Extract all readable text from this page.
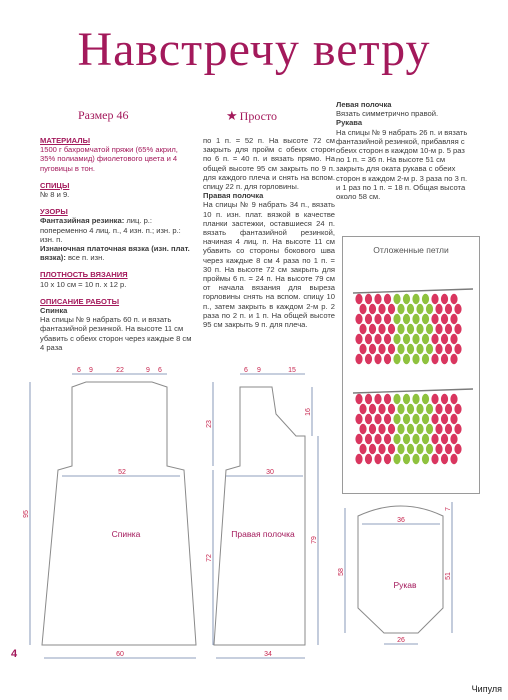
Навстречу ветру
Размер 46	★ Просто
МАТЕРИАЛЫ

1500 г бахромчатой пряжи (65% акрил, 35% полиамид) фиолетового цвета и 4 пуговицы в тон.

СПИЦЫ

№ 8 и 9.

УЗОРЫ

Фантазийная резинка: лиц. р.: попеременно 4 лиц. п., 4 изн. п.; изн. р.: изн. п.

Изнаночная платочная вязка (изн. плат. вязка): все п. изн.

ПЛОТНОСТЬ ВЯЗАНИЯ

10 х 10 см = 10 п. х 12 р.

ОПИСАНИЕ РАБОТЫ

Спинка

На спицы № 9 набрать 60 п. и вязать фантазийной резинкой. На высоте 11 см убавить с обеих сторон через каждые 8 см 4 раза

по 1 п. = 52 п. На высоте 72 см закрыть для пройм с обеих сторон по 6 п. = 40 п. и вязать прямо. На общей высоте 95 см закрыть по 9 п. для каждого плеча и снять на вспом. спицу 22 п. для горловины.

Правая полочка

На спицы № 9 набрать 34 п., вязать 10 п. изн. плат. вязкой в качестве планки застежки, оставшиеся 24 п. вязать фантазийной резинкой, начиная 4 лиц. п. На высоте 11 см убавить со стороны бокового шва через каждые 8 см 4 раза по 1 п. = 30 п. На высоте 72 см закрыть для проймы 6 п. = 24 п. На высоте 79 см от начала вязания для выреза горловины снять на вспом. спицу 10 п., затем закрыть в каждом 2-м р. 2 раза по 2 п. и 1 п. На общей высоте 95 см закрыть 9 п. для плеча.

Левая полочка

Вязать симметрично правой.

Рукава

На спицы № 9 набрать 26 п. и вязать фантазийной резинкой, прибавляя с обеих сторон в каждом 10-м р. 5 раз по 1 п. = 36 п. На высоте 51 см закрыть для оката рукава с обеих сторон в каждом 2-м р. 3 раза по 3 п. и 1 раз по 1 п. = 18 п. Общая высота около 58 см.

Отложенные петли
6 9	22	9 6
52
60
6 9	15
30
34
36
26
95
23
72
16
79
58
7
51
Спинка	Правая полочка
Рукав
4
Чипуля
